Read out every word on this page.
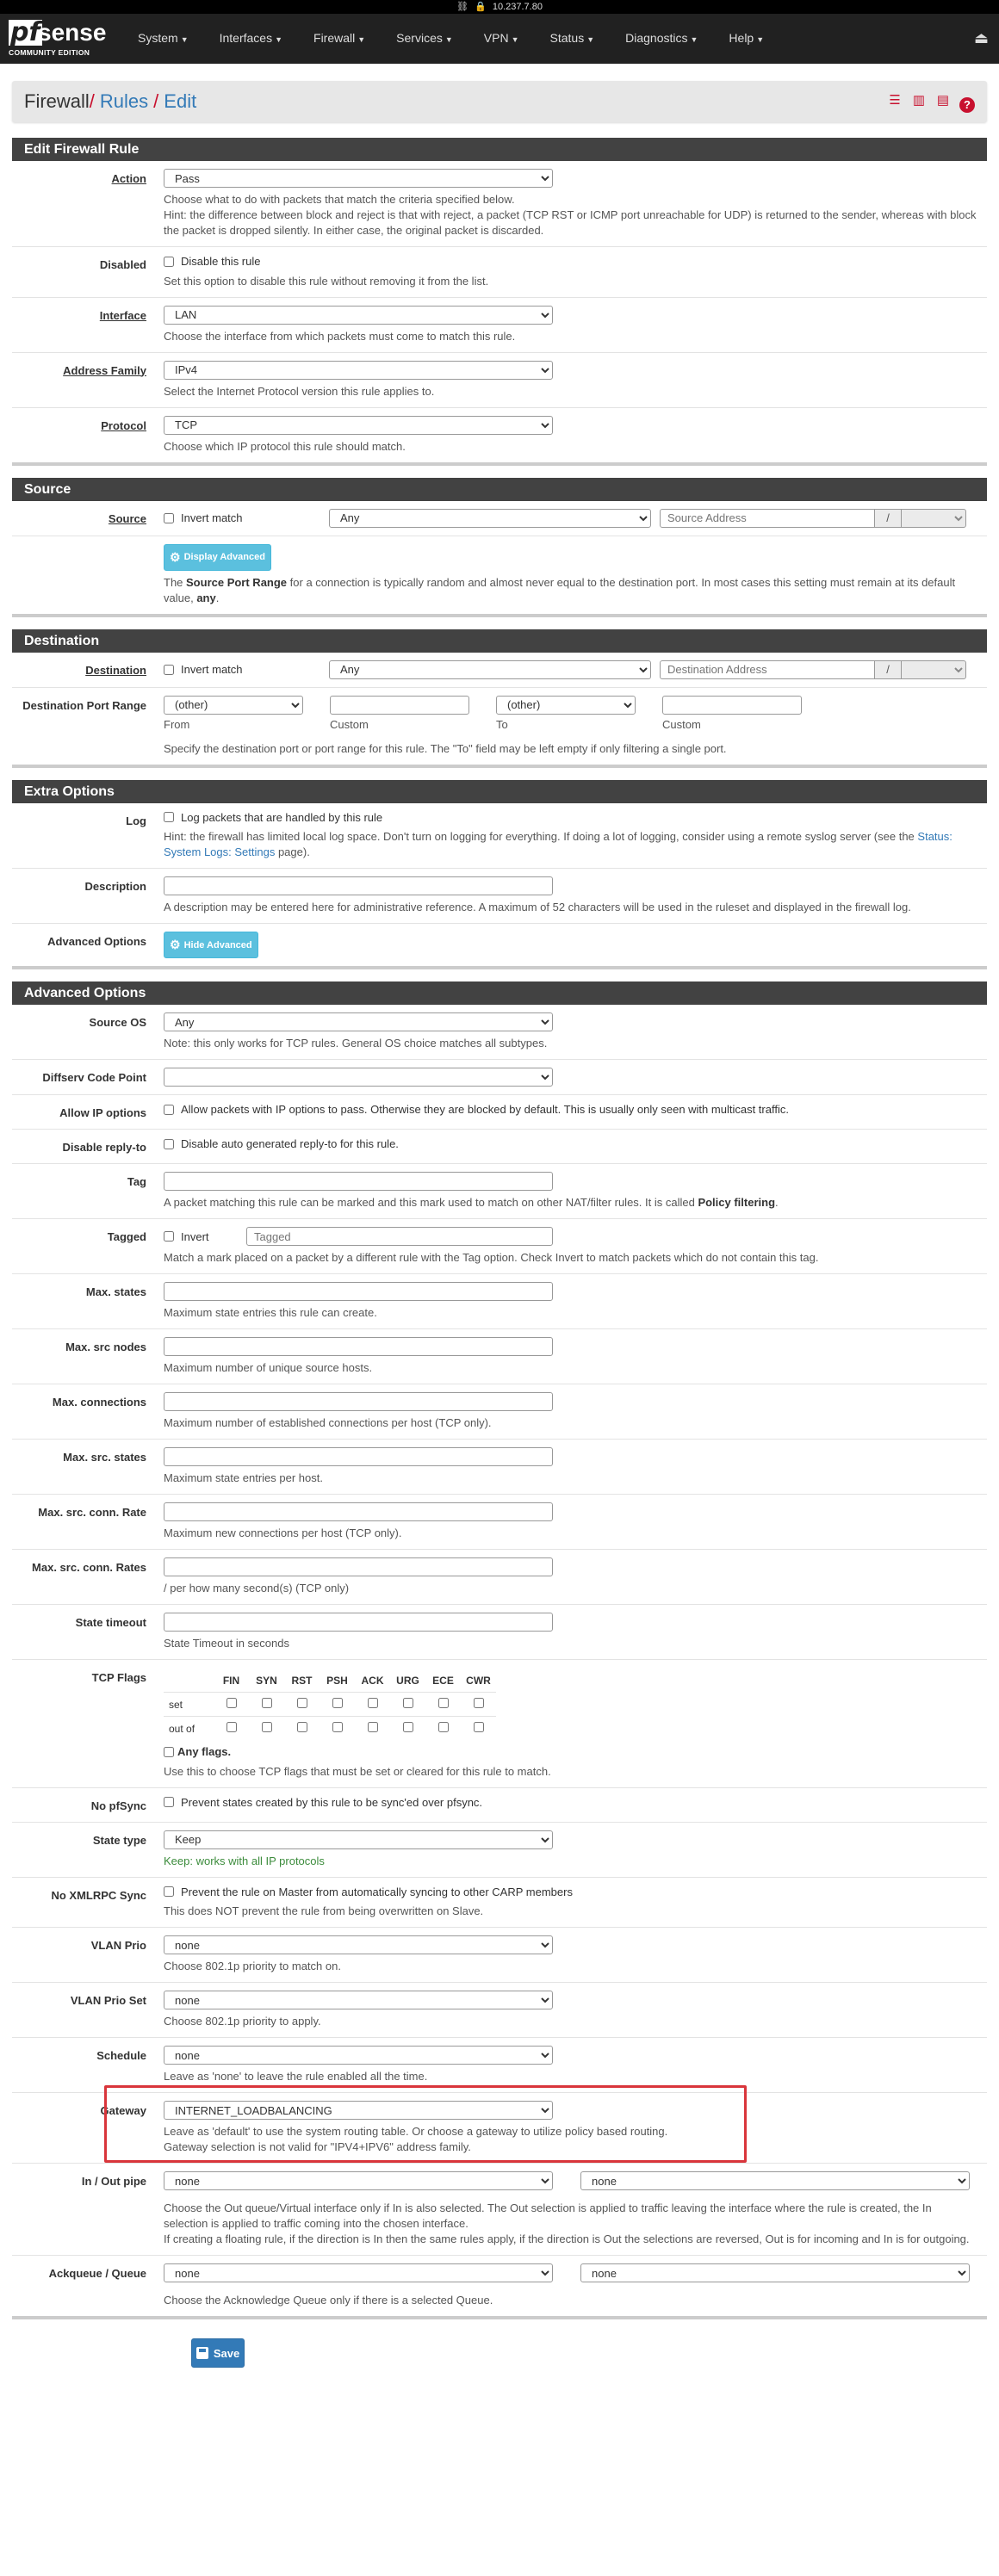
⛓ 🔒 10.237.7.80
pf
sense
COMMUNITY EDITION
System ▼	Interfaces ▼	Firewall ▼	Services ▼	VPN ▼	Status ▼	Diagnostics ▼	Help ▼	⏏
Firewall / Rules / Edit	☰ ▥ ▤	?
Edit Firewall Rule
Action
Pass
Choose what to do with packets that match the criteria specified below.
Hint: the difference between block and reject is that with reject, a packet (TCP RST or ICMP port unreachable for UDP) is returned to the sender, whereas with block the packet is dropped silently. In either case, the original packet is discarded.
Disabled	Disable this rule
Set this option to disable this rule without removing it from the list.
Interface
LAN
Choose the interface from which packets must come to match this rule.
Address Family
IPv4
Select the Internet Protocol version this rule applies to.
Protocol
TCP
Choose which IP protocol this rule should match.
Source
Source	Invert match
Any
Source Address	/
⚙ Display Advanced
The Source Port Range for a connection is typically random and almost never equal to the destination port. In most cases this setting must remain at its default value, any.
Destination
Destination	Invert match
Any
Destination Address	/
Destination Port Range
(other)
From	Custom
(other)	To	Custom
Specify the destination port or port range for this rule. The "To" field may be left empty if only filtering a single port.
Extra Options
Log	Log packets that are handled by this rule
Hint: the firewall has limited local log space. Don't turn on logging for everything. If doing a lot of logging, consider using a remote syslog server (see the Status: System Logs: Settings page).
Description
A description may be entered here for administrative reference. A maximum of 52 characters will be used in the ruleset and displayed in the firewall log.
Advanced Options	⚙ Hide Advanced
Advanced Options
Source OS
Any
Note: this only works for TCP rules. General OS choice matches all subtypes.
Diffserv Code Point
Allow IP options	Allow packets with IP options to pass. Otherwise they are blocked by default. This is usually only seen with multicast traffic.
Disable reply-to	Disable auto generated reply-to for this rule.
Tag
A packet matching this rule can be marked and this mark used to match on other NAT/filter rules. It is called Policy filtering.
Tagged	Invert
Tagged
Match a mark placed on a packet by a different rule with the Tag option. Check Invert to match packets which do not contain this tag.
Max. states
Maximum state entries this rule can create.
Max. src nodes
Maximum number of unique source hosts.
Max. connections
Maximum number of established connections per host (TCP only).
Max. src. states
Maximum state entries per host.
Max. src. conn. Rate
Maximum new connections per host (TCP only).
Max. src. conn. Rates
/ per how many second(s) (TCP only)
State timeout
State Timeout in seconds
TCP Flags
		FIN	SYN	RST	PSH	ACK	URG	ECE	CWR
set								
out of								
Any flags.
Use this to choose TCP flags that must be set or cleared for this rule to match.
No pfSync	Prevent states created by this rule to be sync'ed over pfsync.
State type
Keep
Keep: works with all IP protocols
No XMLRPC Sync	Prevent the rule on Master from automatically syncing to other CARP members
This does NOT prevent the rule from being overwritten on Slave.
VLAN Prio
none
Choose 802.1p priority to match on.
VLAN Prio Set
none
Choose 802.1p priority to apply.
Schedule
none
Leave as 'none' to leave the rule enabled all the time.
Gateway
INTERNET_LOADBALANCING
Leave as 'default' to use the system routing table. Or choose a gateway to utilize policy based routing.
Gateway selection is not valid for "IPV4+IPV6" address family.
In / Out pipe
none
none
Choose the Out queue/Virtual interface only if In is also selected. The Out selection is applied to traffic leaving the interface where the rule is created, the In selection is applied to traffic coming into the chosen interface.
If creating a floating rule, if the direction is In then the same rules apply, if the direction is Out the selections are reversed, Out is for incoming and In is for outgoing.
Ackqueue / Queue
none
none
Choose the Acknowledge Queue only if there is a selected Queue.
Save
